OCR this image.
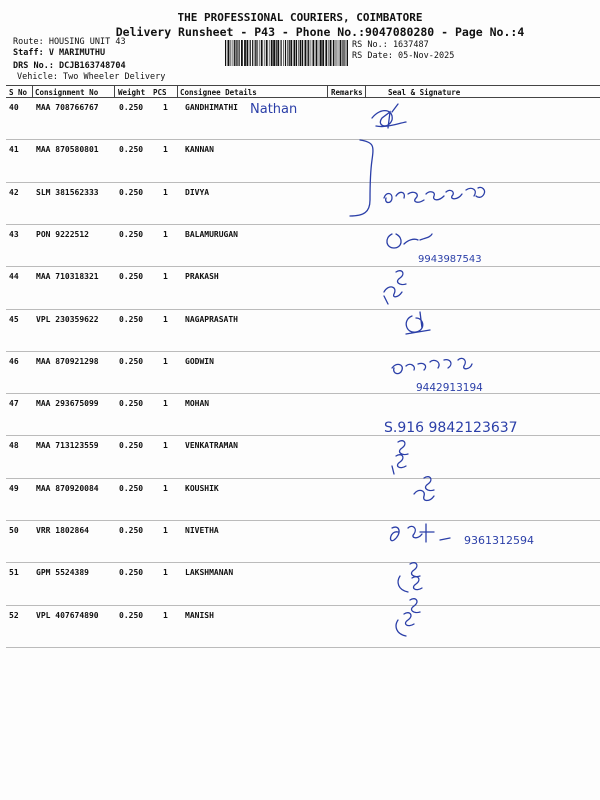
THE PROFESSIONAL COURIERS, COIMBATORE
Delivery Runsheet - P43 - Phone No.:9047080280 - Page No.:4
Route: HOUSING UNIT 43
Staff: V MARIMUTHU
DRS No.: DCJB163748704
Vehicle: Two Wheeler Delivery
RS No.: 1637487
RS Date: 05-Nov-2025
S No Consignment No	Weight PCS Consignee Details	Remarks	Seal & Signature
40 MAA 708766767	0.250 1 GANDHIMATHI
41 MAA 870580801	0.250 1 KANNAN
42 SLM 381562333	0.250 1 DIVYA
43 PON 9222512	0.250 1 BALAMURUGAN
44 MAA 710318321	0.250 1 PRAKASH
45 VPL 230359622	0.250 1 NAGAPRASATH
46 MAA 870921298	0.250 1 GODWIN
47 MAA 293675099	0.250 1 MOHAN
48 MAA 713123559	0.250 1 VENKATRAMAN
49 MAA 870920084	0.250 1 KOUSHIK
50 VRR 1802864	0.250 1 NIVETHA
51 GPM 5524389	0.250 1 LAKSHMANAN
52 VPL 407674890	0.250 1 MANISH
Nathan
9943987543
9442913194
S.916 9842123637
9361312594
